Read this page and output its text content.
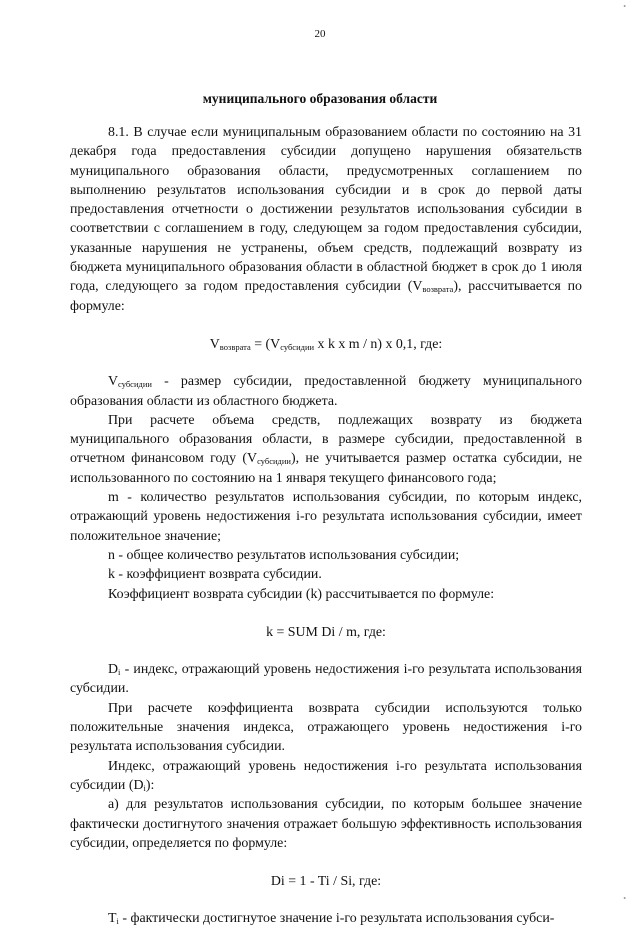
•
20
муниципального образования области

8.1. В случае если муниципальным образованием области по состоянию на 31 декабря года предоставления субсидии допущено нарушения обязательств муниципального образования области, предусмотренных соглашением по выполнению результатов использования субсидии и в срок до первой даты предоставления отчетности о достижении результатов использования субсидии в соответствии с соглашением в году, следующем за годом предоставления субсидии, указанные нарушения не устранены, объем средств, подлежащий возврату из бюджета муниципального образования области в областной бюджет в срок до 1 июля года, следующего за годом предоставления субсидии $(V_{возврата})$, рассчитывается по формуле:

$V_{возврата} = (V_{субсидии}$ x k x m / n) x 0,1, где:

$V_{субсидии}$ - размер субсидии, предоставленной бюджету муниципального образования области из областного бюджета.

При расчете объема средств, подлежащих возврату из бюджета муниципального образования области, в размере субсидии, предоставленной в отчетном финансовом году $(V_{субсидии})$, не учитывается размер остатка субсидии, не использованного по состоянию на 1 января текущего финансового года;

m - количество результатов использования субсидии, по которым индекс, отражающий уровень недостижения i-го результата использования субсидии, имеет положительное значение;

n - общее количество результатов использования субсидии;

k - коэффициент возврата субсидии.

Коэффициент возврата субсидии (k) рассчитывается по формуле:

k = SUM Di / m, где:

$D_i$ - индекс, отражающий уровень недостижения i-го результата использования субсидии.

При расчете коэффициента возврата субсидии используются только положительные значения индекса, отражающего уровень недостижения i-го результата использования субсидии.

Индекс, отражающий уровень недостижения i-го результата использования субсидии $(D_i)$:

а) для результатов использования субсидии, по которым большее значение фактически достигнутого значения отражает большую эффективность использования субсидии, определяется по формуле:

Di = 1 - Ti / Si, где:

$T_i$ - фактически достигнутое значение i-го результата использования субси-

•
